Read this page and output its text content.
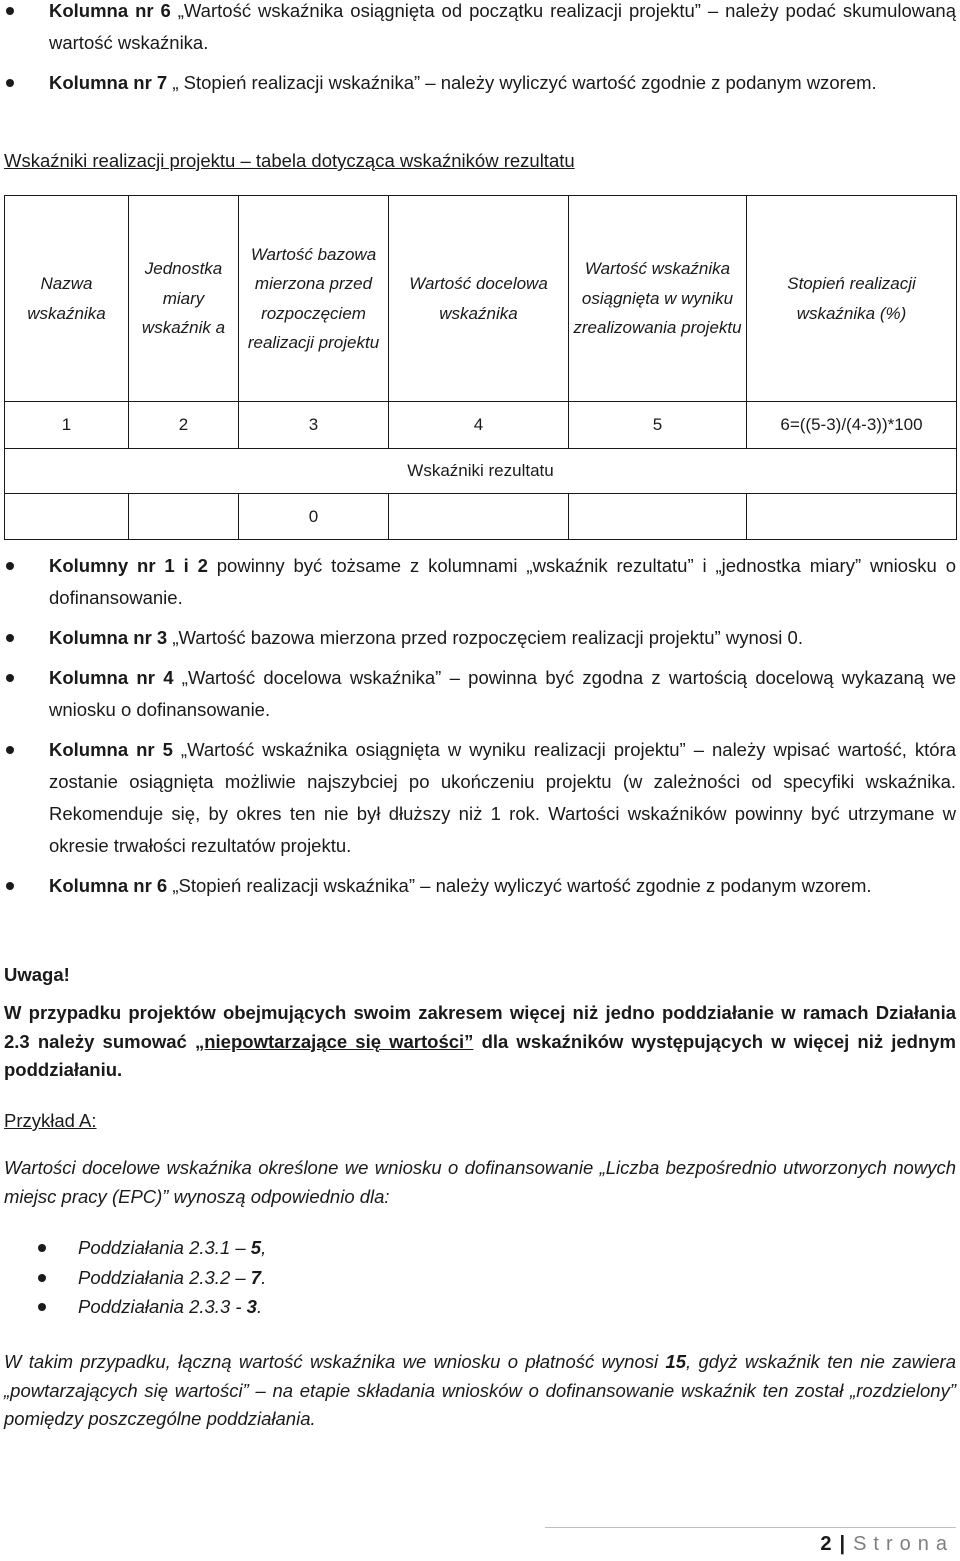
Kolumna nr 6 „Wartość wskaźnika osiągnięta od początku realizacji projektu” – należy podać skumulowaną wartość wskaźnika.
Kolumna nr 7 „ Stopień realizacji wskaźnika” – należy wyliczyć wartość zgodnie z podanym wzorem.
Wskaźniki realizacji projektu – tabela dotycząca wskaźników rezultatu
Nazwa wskaźnika	Jednostka miary wskaźnik a	Wartość bazowa mierzona przed rozpoczęciem realizacji projektu	Wartość docelowa wskaźnika	Wartość wskaźnika osiągnięta w wyniku zrealizowania projektu	Stopień realizacji wskaźnika (%)
1	2	3	4	5	6=((5-3)/(4-3))*100
Wskaźniki rezultatu					
		0			
Kolumny nr 1 i 2 powinny być tożsame z kolumnami „wskaźnik rezultatu” i „jednostka miary” wniosku o dofinansowanie.
Kolumna nr 3 „Wartość bazowa mierzona przed rozpoczęciem realizacji projektu” wynosi 0.
Kolumna nr 4 „Wartość docelowa wskaźnika” – powinna być zgodna z wartością docelową wykazaną we wniosku o dofinansowanie.
Kolumna nr 5 „Wartość wskaźnika osiągnięta w wyniku realizacji projektu” – należy wpisać wartość, która zostanie osiągnięta możliwie najszybciej po ukończeniu projektu (w zależności od specyfiki wskaźnika. Rekomenduje się, by okres ten nie był dłuższy niż 1 rok. Wartości wskaźników powinny być utrzymane w okresie trwałości rezultatów projektu.
Kolumna nr 6 „Stopień realizacji wskaźnika” – należy wyliczyć wartość zgodnie z podanym wzorem.

Uwaga!

W przypadku projektów obejmujących swoim zakresem więcej niż jedno poddziałanie w ramach Działania 2.3 należy sumować „niepowtarzające się wartości” dla wskaźników występujących w więcej niż jednym poddziałaniu.

Przykład A:

Wartości docelowe wskaźnika określone we wniosku o dofinansowanie „Liczba bezpośrednio utworzonych nowych miejsc pracy (EPC)” wynoszą odpowiednio dla:

Poddziałania 2.3.1 – 5,
Poddziałania 2.3.2 – 7.
Poddziałania 2.3.3 - 3.

W takim przypadku, łączną wartość wskaźnika we wniosku o płatność wynosi 15, gdyż wskaźnik ten nie zawiera „powtarzających się wartości” – na etapie składania wniosków o dofinansowanie wskaźnik ten został „rozdzielony” pomiędzy poszczególne poddziałania.

2 | Strona
